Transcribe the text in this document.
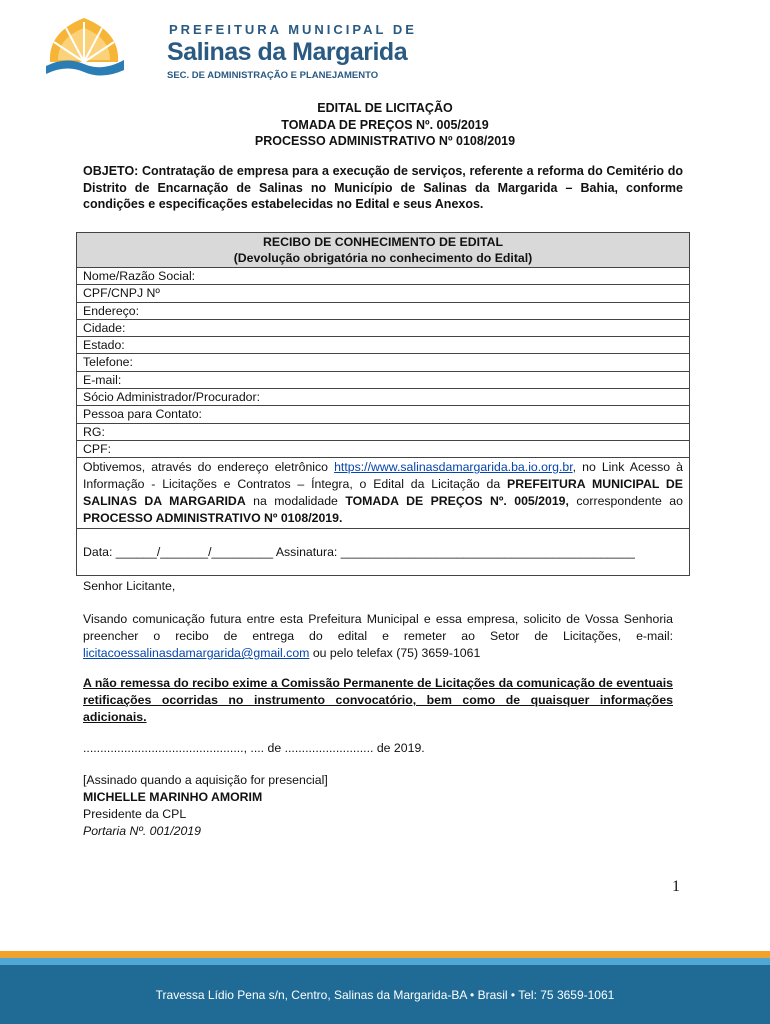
PREFEITURA MUNICIPAL DE
Salinas da Margarida
SEC. DE ADMINISTRAÇÃO E PLANEJAMENTO
EDITAL DE LICITAÇÃO
TOMADA DE PREÇOS Nº. 005/2019
PROCESSO ADMINISTRATIVO Nº 0108/2019
OBJETO: Contratação de empresa para a execução de serviços, referente a reforma do Cemitério do Distrito de Encarnação de Salinas no Município de Salinas da Margarida – Bahia, conforme condições e especificações estabelecidas no Edital e seus Anexos.
RECIBO DE CONHECIMENTO DE EDITAL
(Devolução obrigatória no conhecimento do Edital)
Nome/Razão Social:
CPF/CNPJ Nº
Endereço:
Cidade:
Estado:
Telefone:
E-mail:
Sócio Administrador/Procurador:
Pessoa para Contato:
RG:
CPF:
Obtivemos, através do endereço eletrônico https://www.salinasdamargarida.ba.io.org.br, no Link Acesso à Informação - Licitações e Contratos – Íntegra, o Edital da Licitação da PREFEITURA MUNICIPAL DE SALINAS DA MARGARIDA na modalidade TOMADA DE PREÇOS Nº. 005/2019, correspondente ao PROCESSO ADMINISTRATIVO Nº 0108/2019.
Data: ______/_______/_________ Assinatura: ___________________________________________
Senhor Licitante,
Visando comunicação futura entre esta Prefeitura Municipal e essa empresa, solicito de Vossa Senhoria preencher o recibo de entrega do edital e remeter ao Setor de Licitações, e-mail: licitacoessalinasdamargarida@gmail.com ou pelo telefax (75) 3659-1061
A não remessa do recibo exime a Comissão Permanente de Licitações da comunicação de eventuais retificações ocorridas no instrumento convocatório, bem como de quaisquer informações adicionais.
..............................................., .... de .......................... de 2019.
[Assinado quando a aquisição for presencial]
MICHELLE MARINHO AMORIM
Presidente da CPL
Portaria Nº. 001/2019
1
Travessa Lídio Pena s/n, Centro, Salinas da Margarida-BA • Brasil • Tel: 75 3659-1061
